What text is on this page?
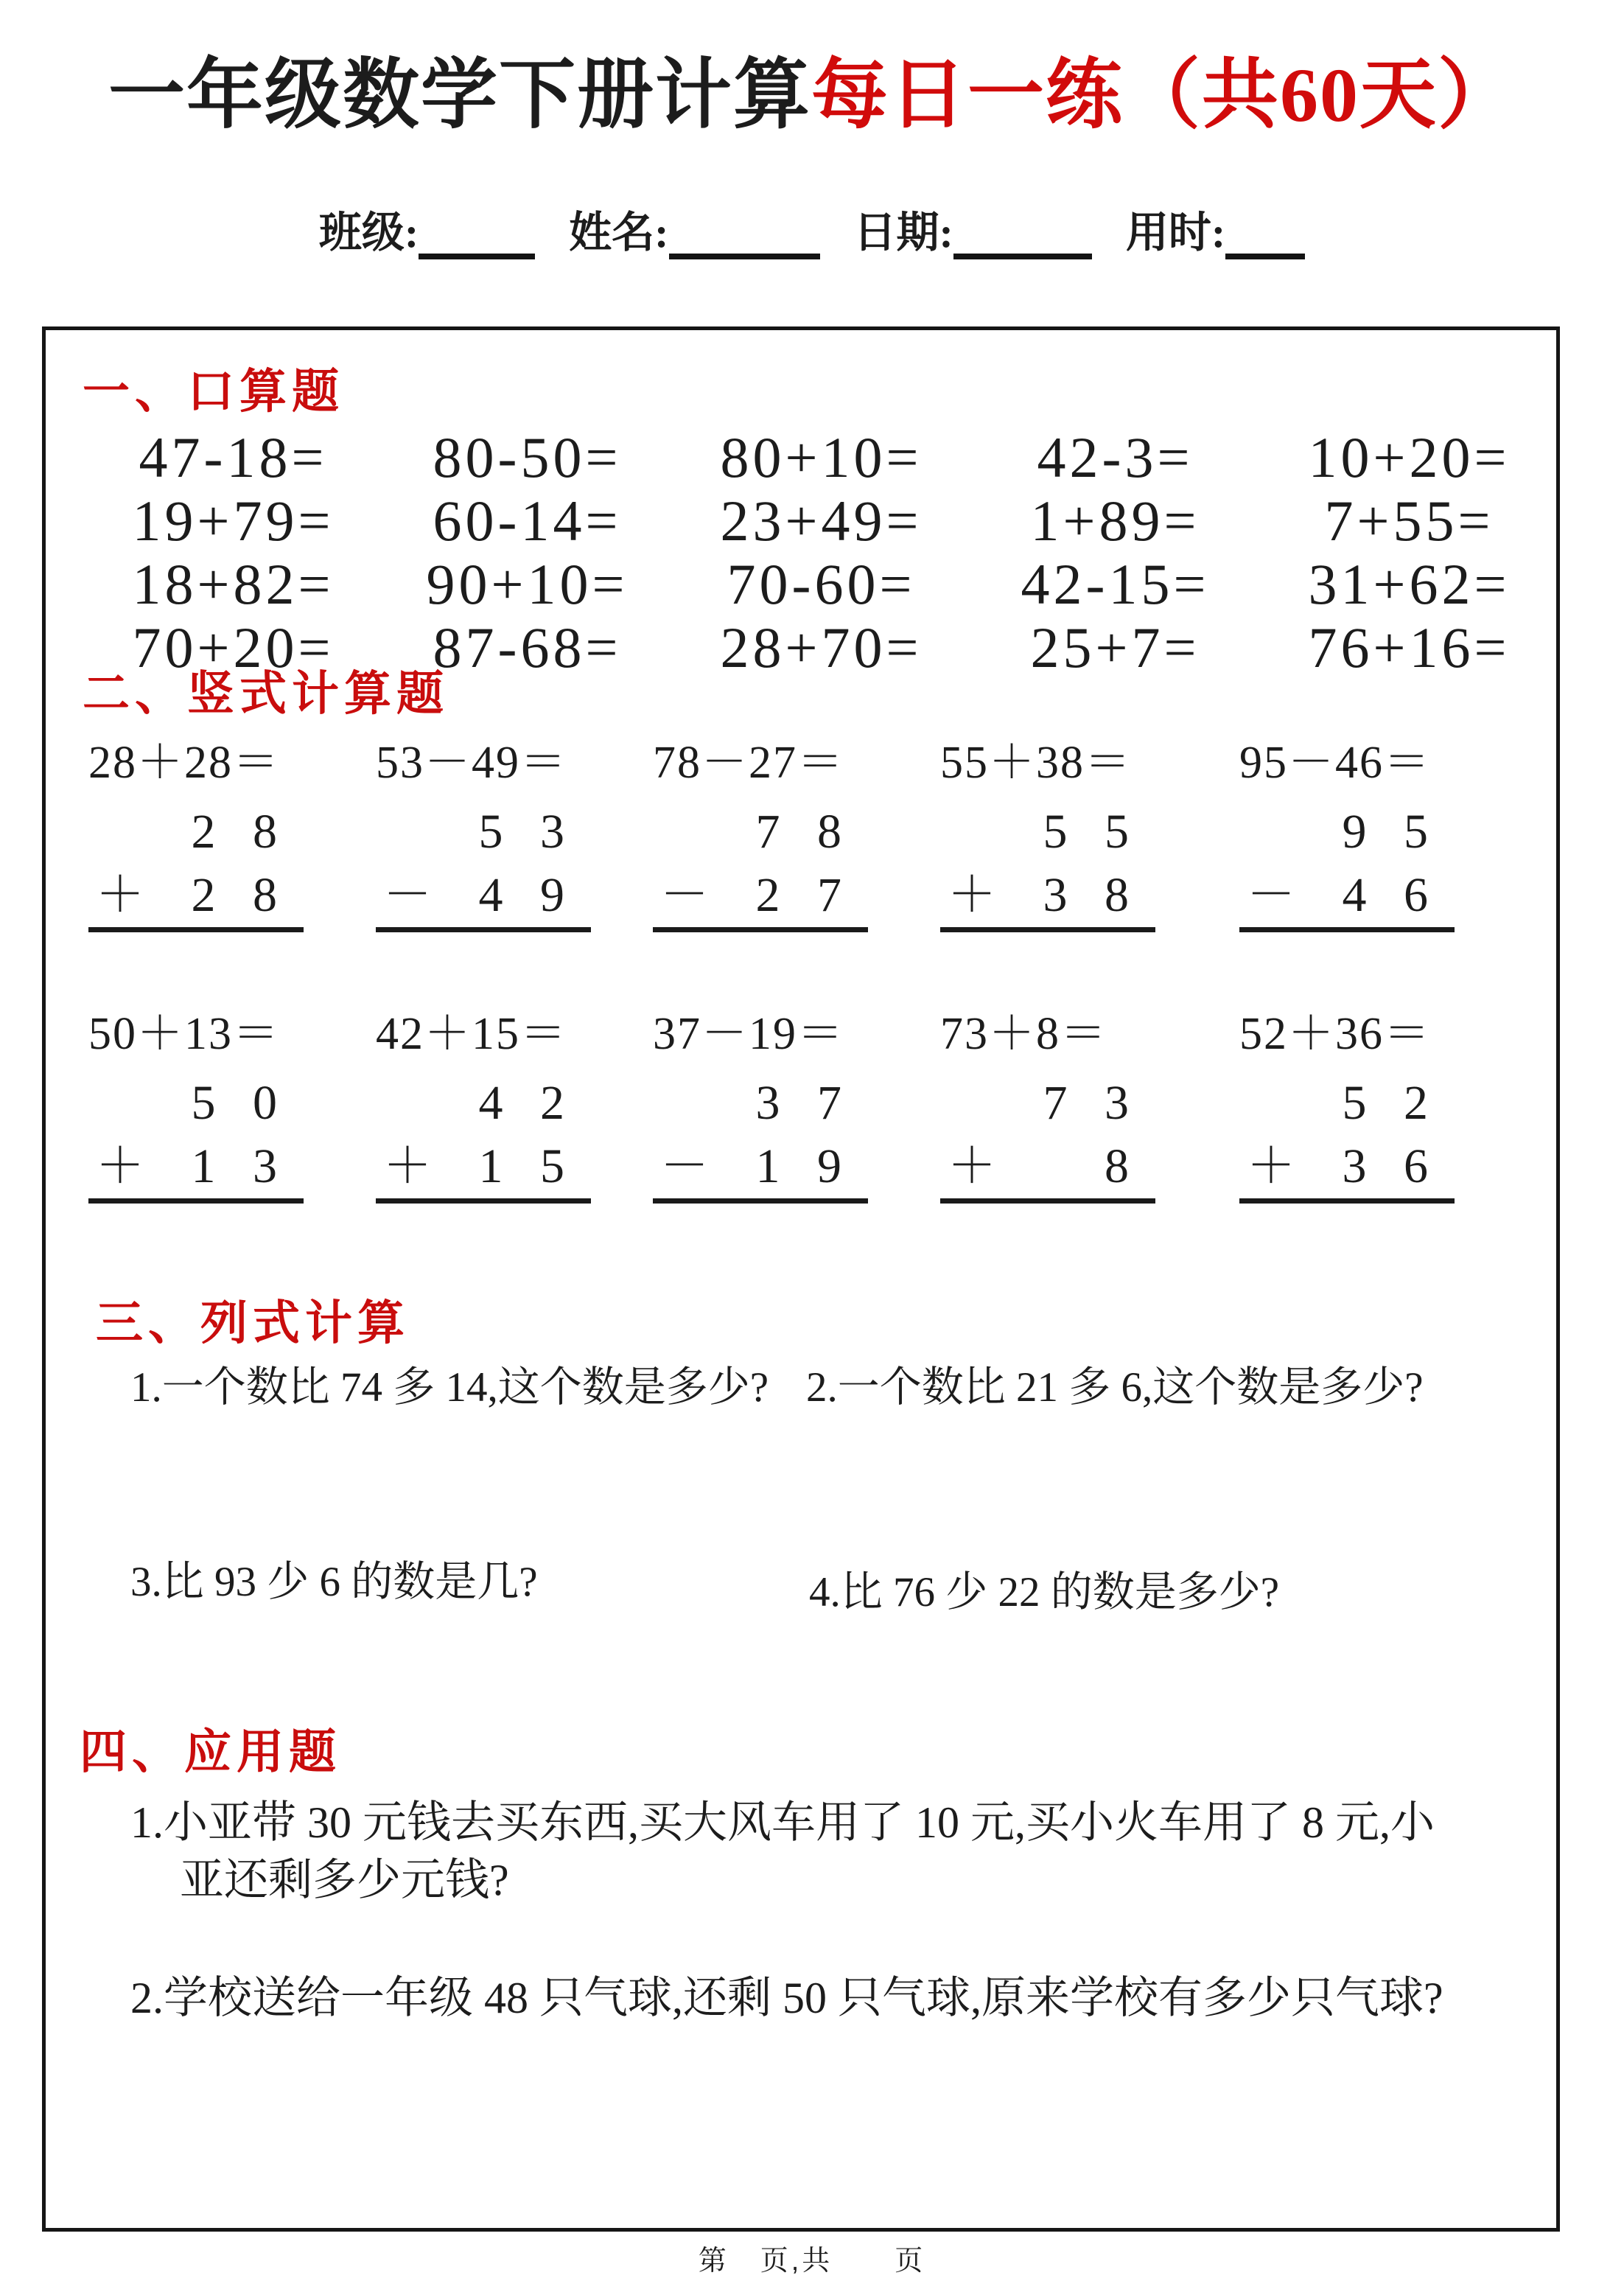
一年级数学下册计算每日一练（共60天）
班级:	姓名:	日期:	用时:
一、口算题
47-18=	80-50=	80+10=	42-3=	10+20=
19+79=	60-14=	23+49=	1+89=	7+55=
18+82=	90+10=	70-60=	42-15=	31+62=
70+20=	87-68=	28+70=	25+7=	76+16=
二、竖式计算题
28＋28＝
2 8
＋ 2 8
53－49＝
5 3
－ 4 9
78－27＝
7 8
－ 2 7
55＋38＝
5 5
＋ 3 8
95－46＝
9 5
－ 4 6
50＋13＝
5 0
＋ 1 3
42＋15＝
4 2
＋ 1 5
37－19＝
3 7
－ 1 9
73＋8＝
7 3
＋ 8
52＋36＝
5 2
＋ 3 6
三、列式计算
1.一个数比 74 多 14,这个数是多少? 2.一个数比 21 多 6,这个数是多少?
3.比 93 少 6 的数是几?	4.比 76 少 22 的数是多少?
四、应用题
1.小亚带 30 元钱去买东西,买大风车用了 10 元,买小火车用了 8 元,小
亚还剩多少元钱?
2.学校送给一年级 48 只气球,还剩 50 只气球,原来学校有多少只气球?
第　页,共　　页
